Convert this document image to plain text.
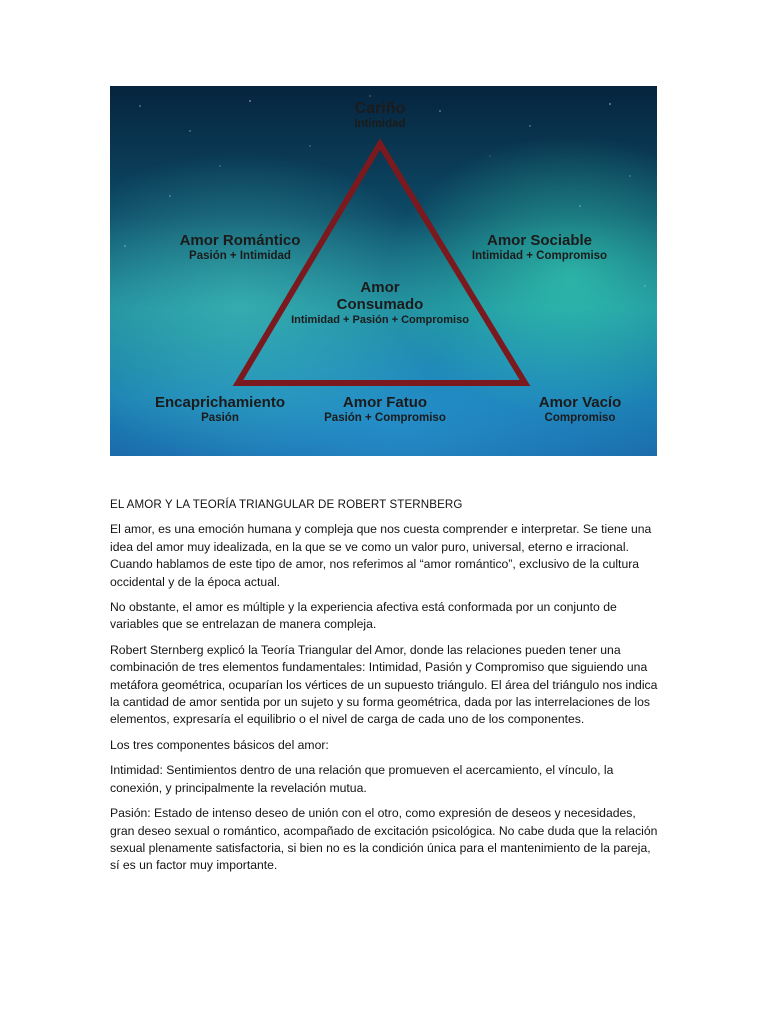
Cariño
Intimidad
Amor Romántico
Pasión + Intimidad
Amor Sociable
Intimidad + Compromiso
Amor
Consumado
Intimidad + Pasión + Compromiso
Encaprichamiento
Pasión
Amor Fatuo
Pasión + Compromiso
Amor Vacío
Compromiso
EL AMOR Y LA TEORÍA TRIANGULAR DE ROBERT STERNBERG

El amor, es una emoción humana y compleja que nos cuesta comprender e interpretar. Se tiene una idea del amor muy idealizada, en la que se ve como un valor puro, universal, eterno e irracional. Cuando hablamos de este tipo de amor, nos referimos al “amor romántico”, exclusivo de la cultura occidental y de la época actual.

No obstante, el amor es múltiple y la experiencia afectiva está conformada por un conjunto de variables que se entrelazan de manera compleja.

Robert Sternberg explicó la Teoría Triangular del Amor, donde las relaciones pueden tener una combinación de tres elementos fundamentales: Intimidad, Pasión y Compromiso que siguiendo una metáfora geométrica, ocuparían los vértices de un supuesto triángulo. El área del triángulo nos indica la cantidad de amor sentida por un sujeto y su forma geométrica, dada por las interrelaciones de los elementos, expresaría el equilibrio o el nivel de carga de cada uno de los componentes.

Los tres componentes básicos del amor:

Intimidad: Sentimientos dentro de una relación que promueven el acercamiento, el vínculo, la conexión, y principalmente la revelación mutua.

Pasión: Estado de intenso deseo de unión con el otro, como expresión de deseos y necesidades, gran deseo sexual o romántico, acompañado de excitación psicológica. No cabe duda que la relación sexual plenamente satisfactoria, si bien no es la condición única para el mantenimiento de la pareja, sí es un factor muy importante.
